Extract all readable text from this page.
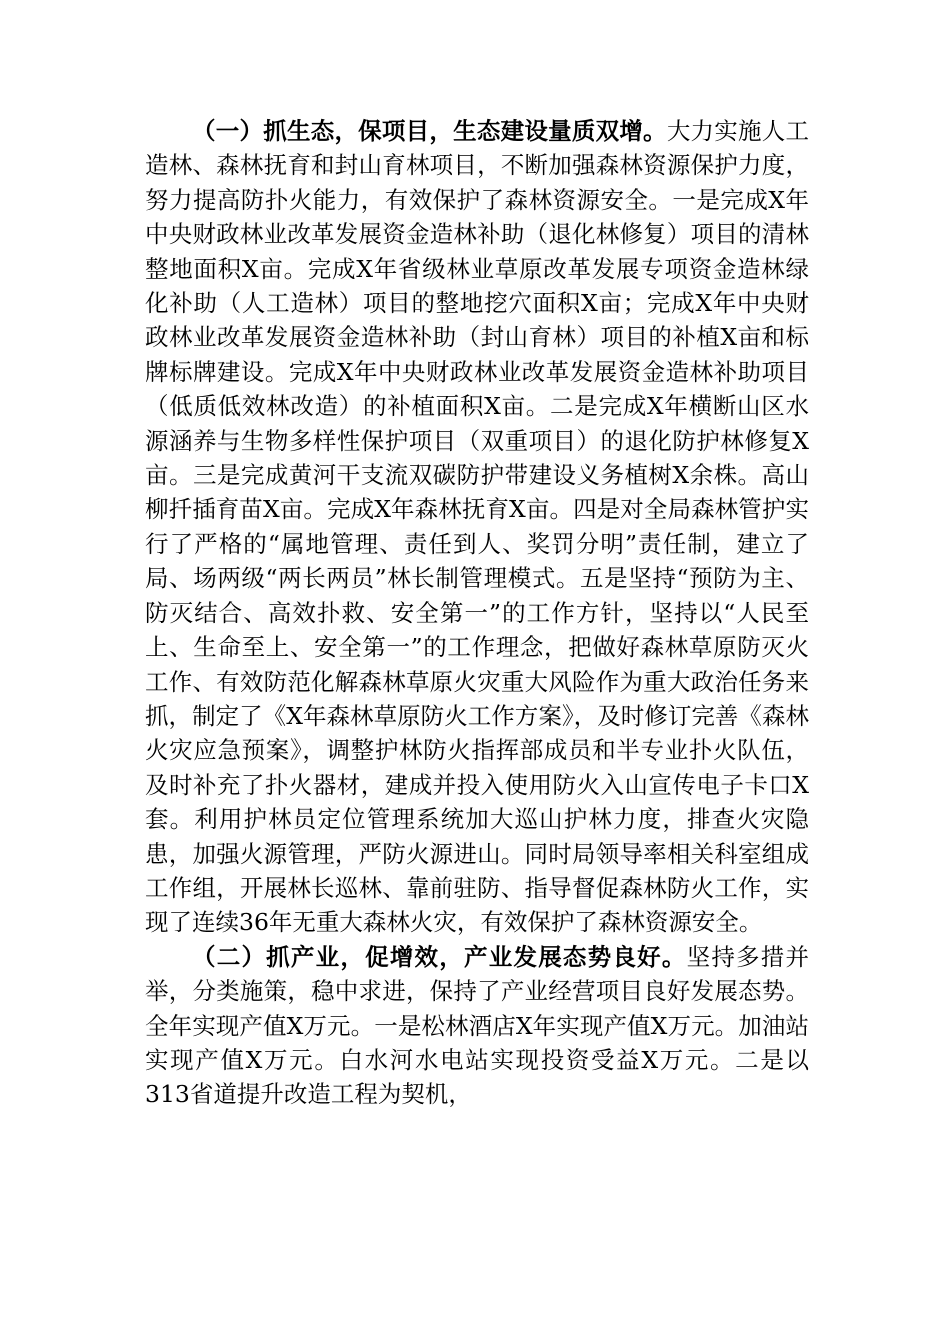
（一）抓生态，保项目，生态建设量质双增。大力实施人工造林、森林抚育和封山育林项目，不断加强森林资源保护力度，努力提高防扑火能力，有效保护了森林资源安全。一是完成X年中央财政林业改革发展资金造林补助（退化林修复）项目的清林整地面积X亩。完成X年省级林业草原改革发展专项资金造林绿化补助（人工造林）项目的整地挖穴面积X亩；完成X年中央财政林业改革发展资金造林补助（封山育林）项目的补植X亩和标牌标牌建设。完成X年中央财政林业改革发展资金造林补助项目（低质低效林改造）的补植面积X亩。二是完成X年横断山区水源涵养与生物多样性保护项目（双重项目）的退化防护林修复X亩。三是完成黄河干支流双碳防护带建设义务植树X余株。高山柳扦插育苗X亩。完成X年森林抚育X亩。四是对全局森林管护实行了严格的“属地管理、责任到人、奖罚分明”责任制，建立了局、场两级“两长两员”林长制管理模式。五是坚持“预防为主、防灭结合、高效扑救、安全第一”的工作方针，坚持以“人民至上、生命至上、安全第一”的工作理念，把做好森林草原防灭火工作、有效防范化解森林草原火灾重大风险作为重大政治任务来抓，制定了《X年森林草原防火工作方案》，及时修订完善《森林火灾应急预案》，调整护林防火指挥部成员和半专业扑火队伍，及时补充了扑火器材，建成并投入使用防火入山宣传电子卡口X套。利用护林员定位管理系统加大巡山护林力度，排查火灾隐患，加强火源管理，严防火源进山。同时局领导率相关科室组成工作组，开展林长巡林、靠前驻防、指导督促森林防火工作，实现了连续36年无重大森林火灾，有效保护了森林资源安全。

（二）抓产业，促增效，产业发展态势良好。坚持多措并举，分类施策，稳中求进，保持了产业经营项目良好发展态势。全年实现产值X万元。一是松林酒店X年实现产值X万元。加油站实现产值X万元。白水河水电站实现投资受益X万元。二是以313省道提升改造工程为契机，
